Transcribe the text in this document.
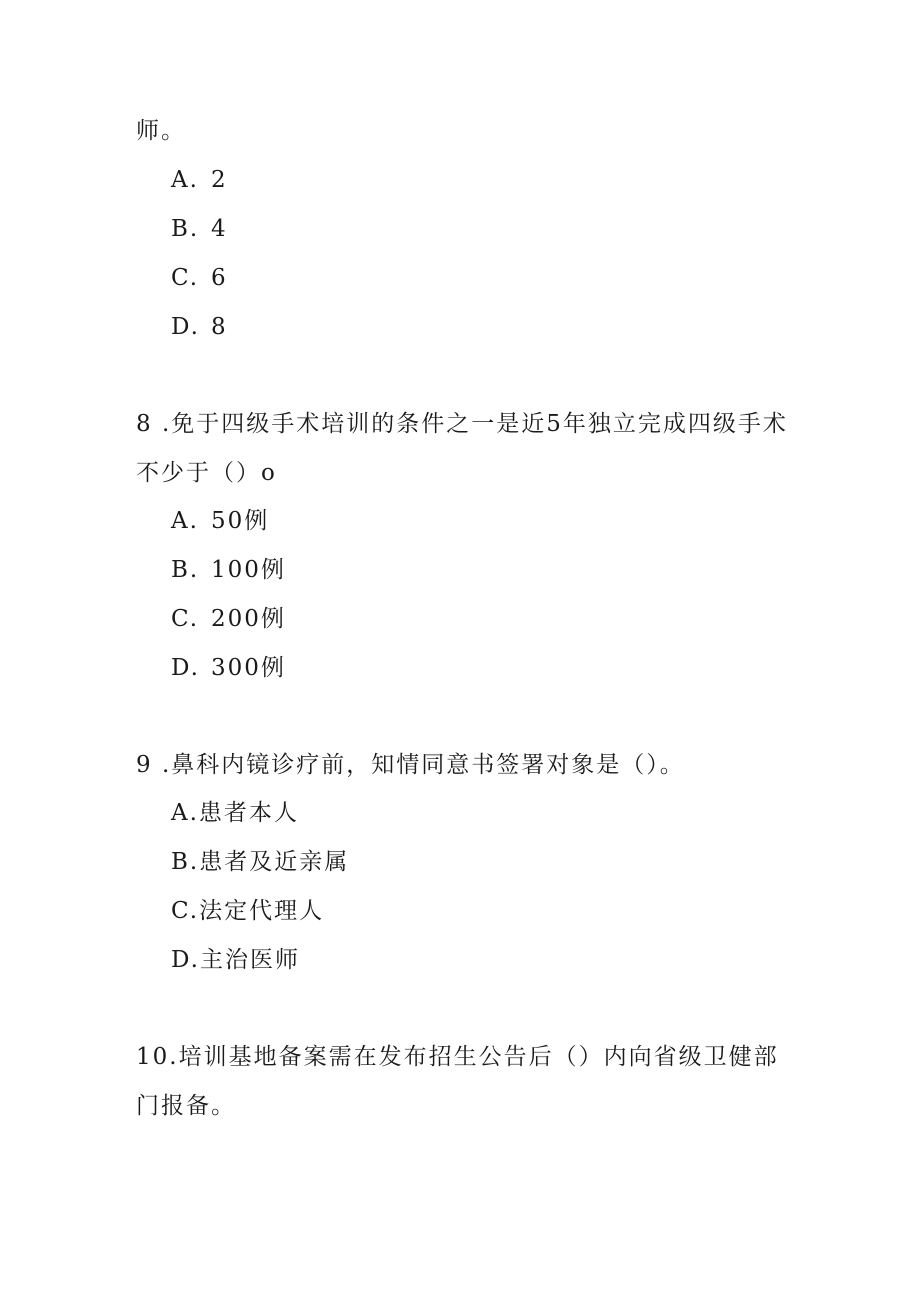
师。
A. 2
B. 4
C. 6
D. 8
8 .免于四级手术培训的条件之一是近5年独立完成四级手术
不少于（）o
A. 50例
B. 100例
C. 200例
D. 300例
9 .鼻科内镜诊疗前，知情同意书签署对象是（）。
A.患者本人
B.患者及近亲属
C.法定代理人
D.主治医师
10.培训基地备案需在发布招生公告后（）内向省级卫健部
门报备。
